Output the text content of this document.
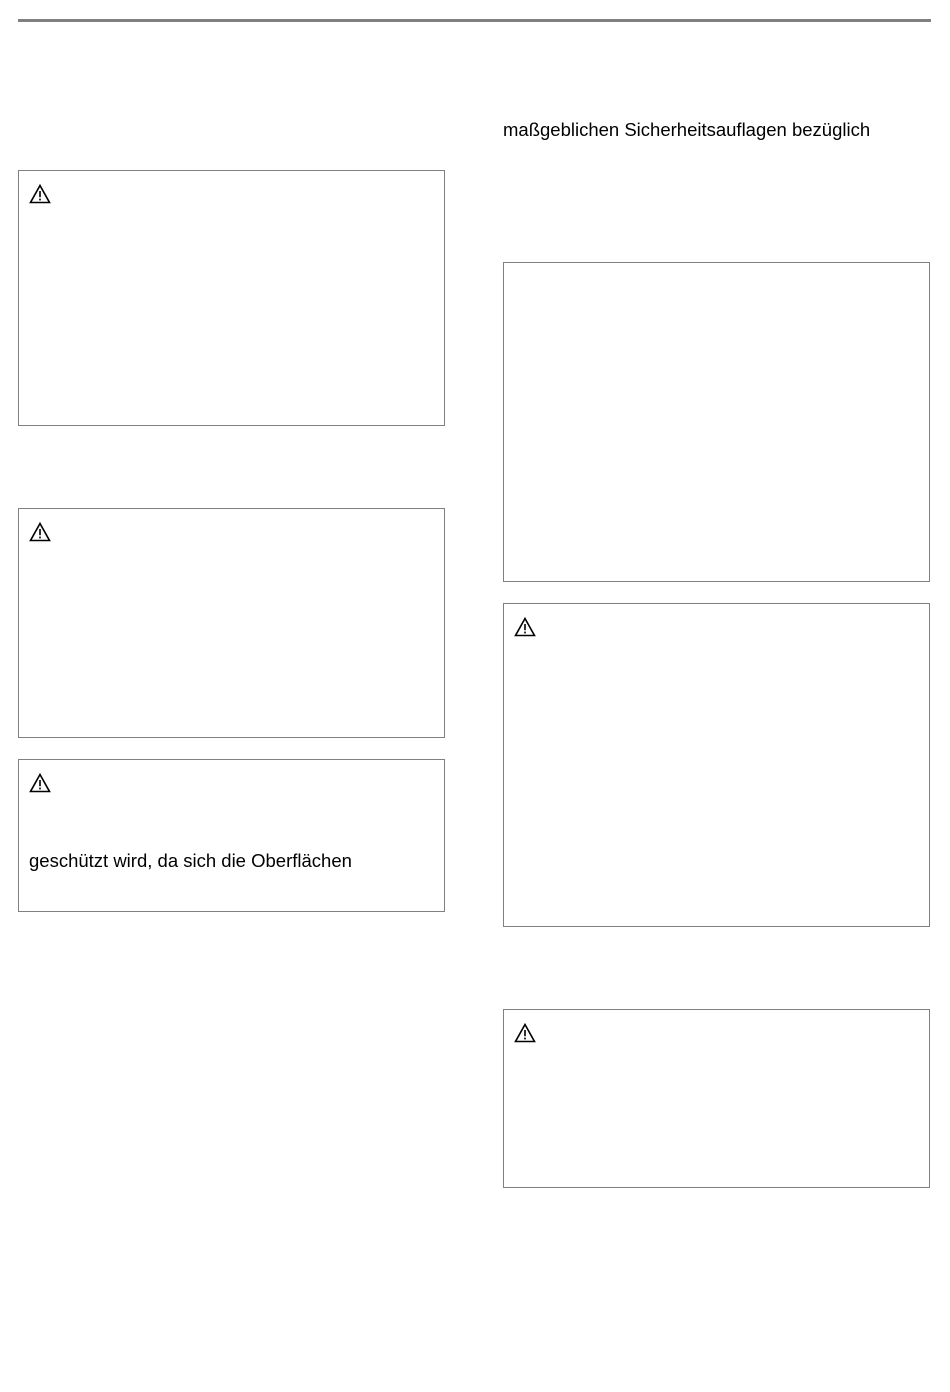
geschützt wird, da sich die Oberflächen
maßgeblichen Sicherheitsauflagen bezüglich
